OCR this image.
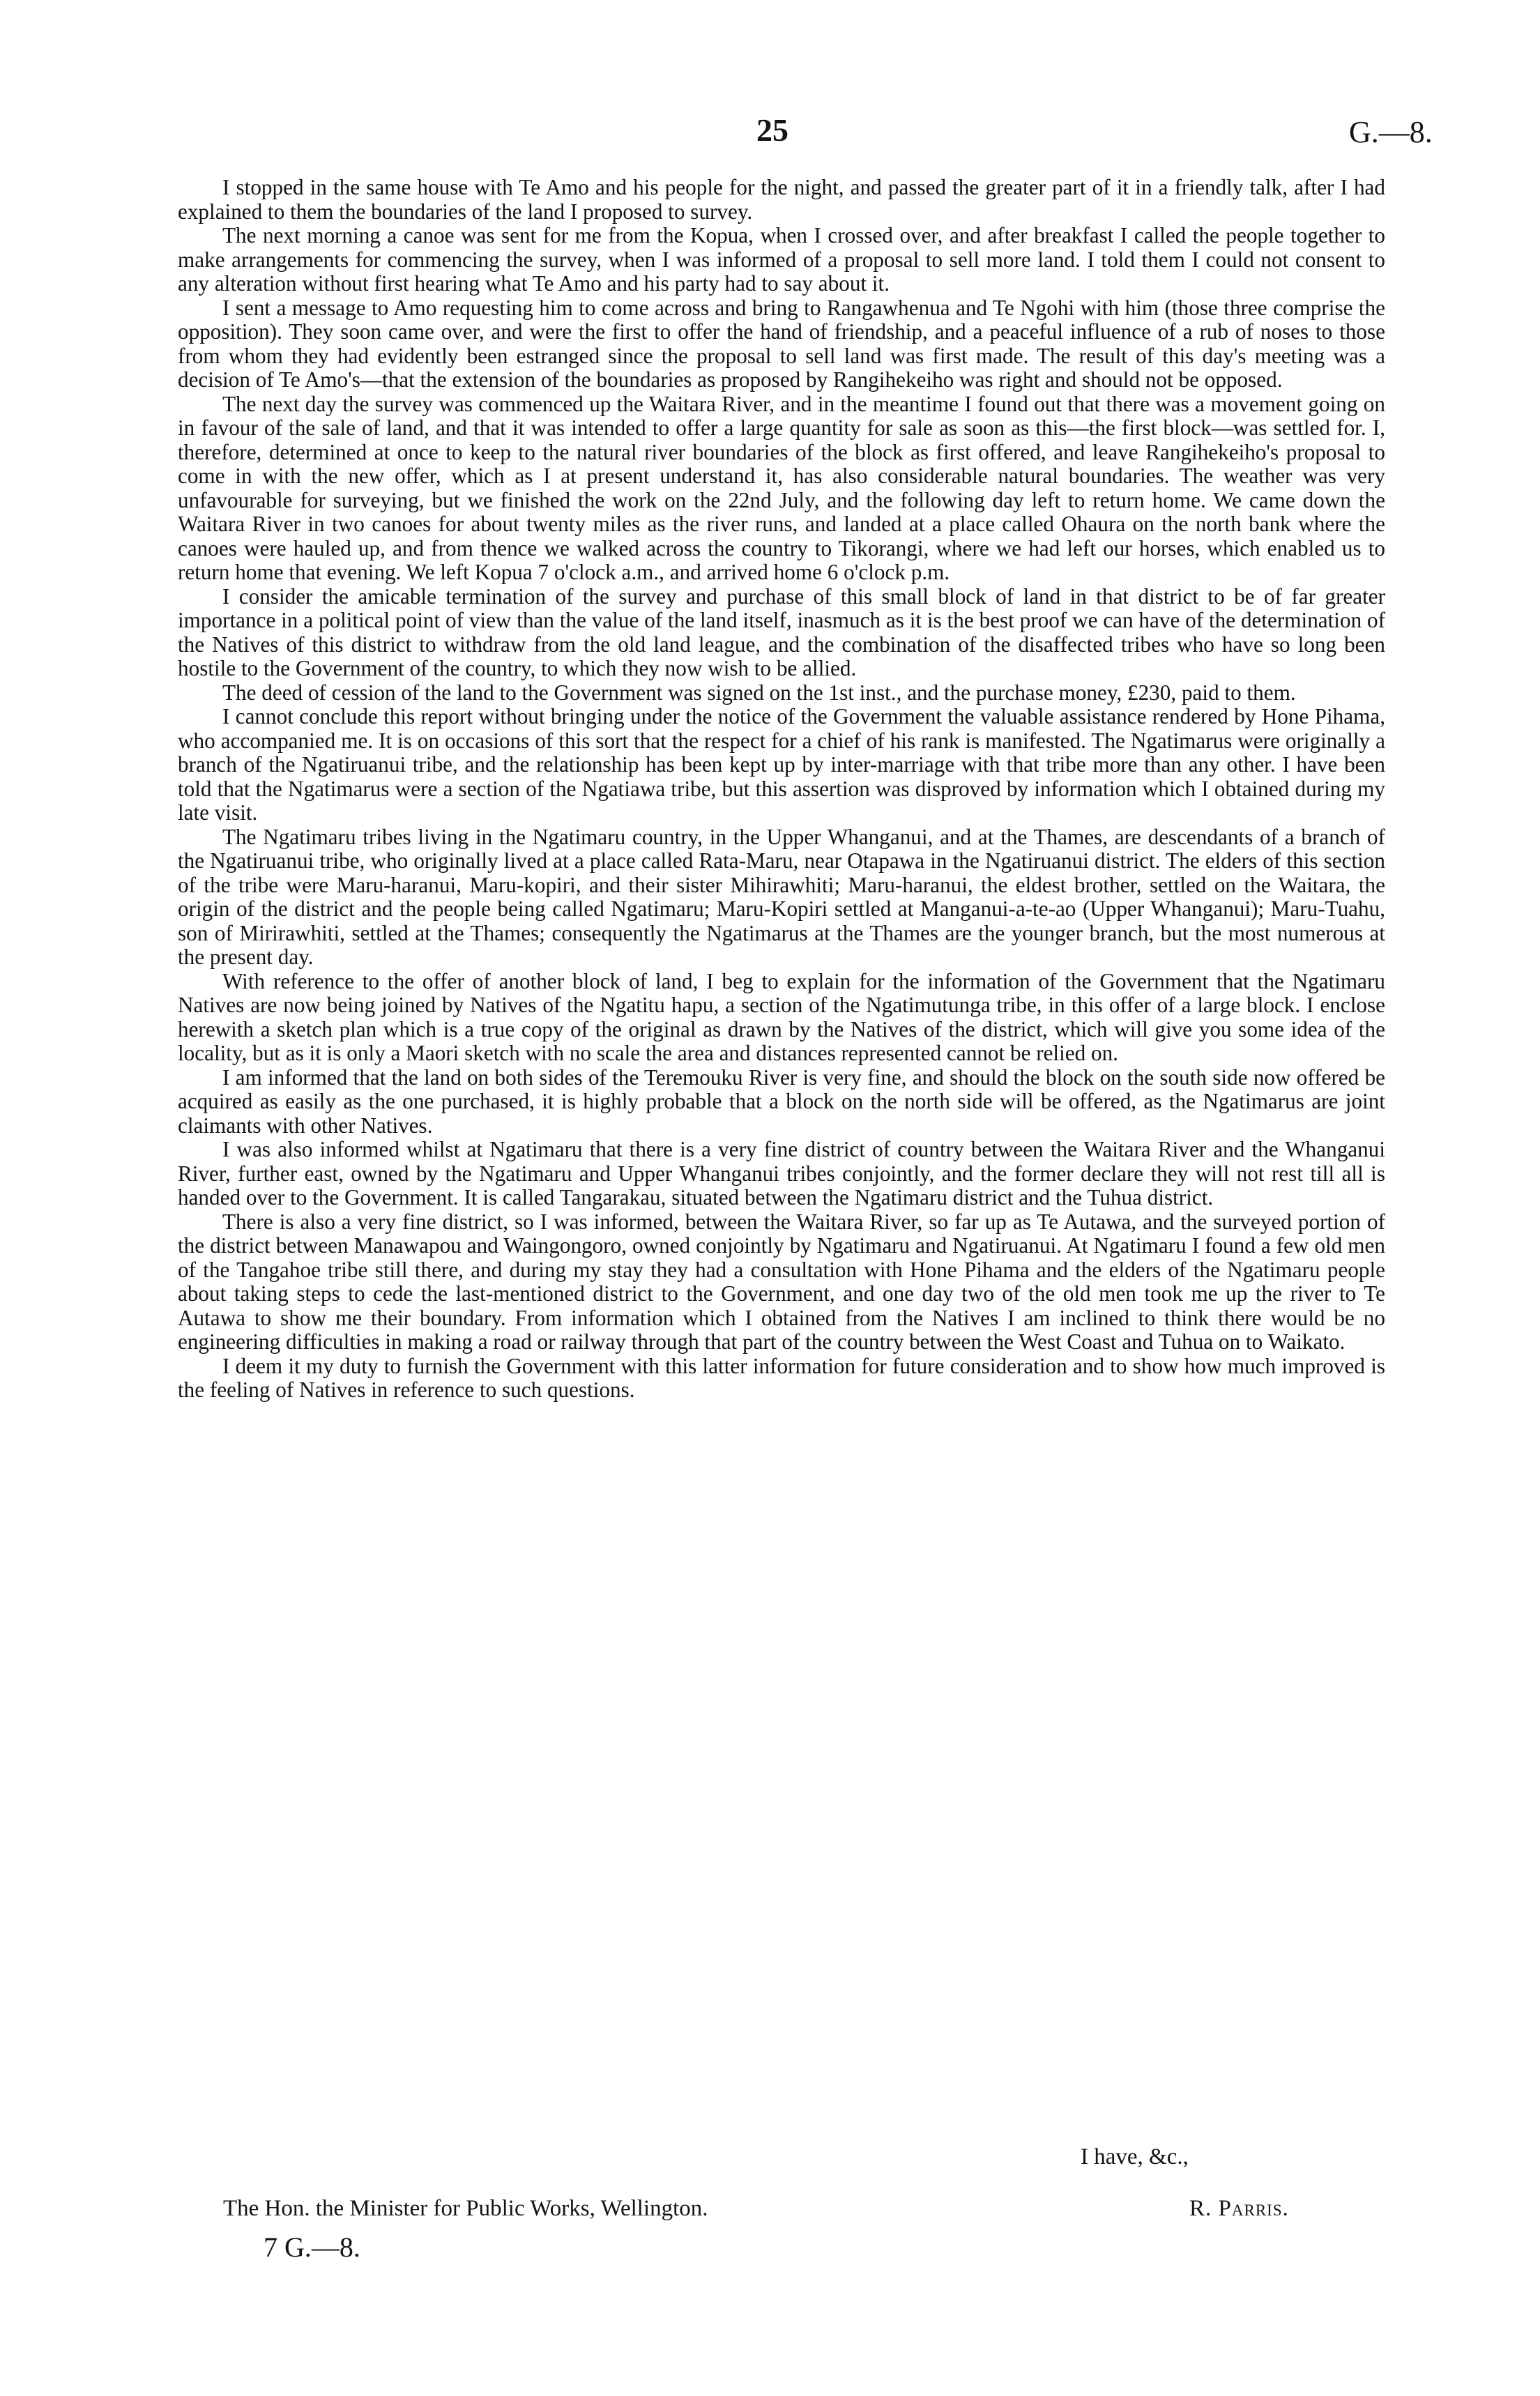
25	G.—8.

I stopped in the same house with Te Amo and his people for the night, and passed the greater part of it in a friendly talk, after I had explained to them the boundaries of the land I proposed to survey.

The next morning a canoe was sent for me from the Kopua, when I crossed over, and after breakfast I called the people together to make arrangements for commencing the survey, when I was informed of a proposal to sell more land. I told them I could not consent to any alteration without first hearing what Te Amo and his party had to say about it.

I sent a message to Amo requesting him to come across and bring to Rangawhenua and Te Ngohi with him (those three comprise the opposition). They soon came over, and were the first to offer the hand of friendship, and a peaceful influence of a rub of noses to those from whom they had evidently been estranged since the proposal to sell land was first made. The result of this day's meeting was a decision of Te Amo's—that the extension of the boundaries as proposed by Rangihekeiho was right and should not be opposed.

The next day the survey was commenced up the Waitara River, and in the meantime I found out that there was a movement going on in favour of the sale of land, and that it was intended to offer a large quantity for sale as soon as this—the first block—was settled for. I, therefore, determined at once to keep to the natural river boundaries of the block as first offered, and leave Rangihekeiho's proposal to come in with the new offer, which as I at present understand it, has also considerable natural boundaries. The weather was very unfavourable for surveying, but we finished the work on the 22nd July, and the following day left to return home. We came down the Waitara River in two canoes for about twenty miles as the river runs, and landed at a place called Ohaura on the north bank where the canoes were hauled up, and from thence we walked across the country to Tikorangi, where we had left our horses, which enabled us to return home that evening. We left Kopua 7 o'clock a.m., and arrived home 6 o'clock p.m.

I consider the amicable termination of the survey and purchase of this small block of land in that district to be of far greater importance in a political point of view than the value of the land itself, inasmuch as it is the best proof we can have of the determination of the Natives of this district to withdraw from the old land league, and the combination of the disaffected tribes who have so long been hostile to the Government of the country, to which they now wish to be allied.

The deed of cession of the land to the Government was signed on the 1st inst., and the purchase money, £230, paid to them.

I cannot conclude this report without bringing under the notice of the Government the valuable assistance rendered by Hone Pihama, who accompanied me. It is on occasions of this sort that the respect for a chief of his rank is manifested. The Ngatimarus were originally a branch of the Ngatiruanui tribe, and the relationship has been kept up by inter-marriage with that tribe more than any other. I have been told that the Ngatimarus were a section of the Ngatiawa tribe, but this assertion was disproved by information which I obtained during my late visit.

The Ngatimaru tribes living in the Ngatimaru country, in the Upper Whanganui, and at the Thames, are descendants of a branch of the Ngatiruanui tribe, who originally lived at a place called Rata-Maru, near Otapawa in the Ngatiruanui district. The elders of this section of the tribe were Maru-haranui, Maru-kopiri, and their sister Mihirawhiti; Maru-haranui, the eldest brother, settled on the Waitara, the origin of the district and the people being called Ngatimaru; Maru-Kopiri settled at Manganui-a-te-ao (Upper Whanganui); Maru-Tuahu, son of Mirirawhiti, settled at the Thames; consequently the Ngatimarus at the Thames are the younger branch, but the most numerous at the present day.

With reference to the offer of another block of land, I beg to explain for the information of the Government that the Ngatimaru Natives are now being joined by Natives of the Ngatitu hapu, a section of the Ngatimutunga tribe, in this offer of a large block. I enclose herewith a sketch plan which is a true copy of the original as drawn by the Natives of the district, which will give you some idea of the locality, but as it is only a Maori sketch with no scale the area and distances represented cannot be relied on.

I am informed that the land on both sides of the Teremouku River is very fine, and should the block on the south side now offered be acquired as easily as the one purchased, it is highly probable that a block on the north side will be offered, as the Ngatimarus are joint claimants with other Natives.

I was also informed whilst at Ngatimaru that there is a very fine district of country between the Waitara River and the Whanganui River, further east, owned by the Ngatimaru and Upper Whanganui tribes conjointly, and the former declare they will not rest till all is handed over to the Government. It is called Tangarakau, situated between the Ngatimaru district and the Tuhua district.

There is also a very fine district, so I was informed, between the Waitara River, so far up as Te Autawa, and the surveyed portion of the district between Manawapou and Waingongoro, owned conjointly by Ngatimaru and Ngatiruanui. At Ngatimaru I found a few old men of the Tangahoe tribe still there, and during my stay they had a consultation with Hone Pihama and the elders of the Ngatimaru people about taking steps to cede the last-mentioned district to the Government, and one day two of the old men took me up the river to Te Autawa to show me their boundary. From information which I obtained from the Natives I am inclined to think there would be no engineering difficulties in making a road or railway through that part of the country between the West Coast and Tuhua on to Waikato.

I deem it my duty to furnish the Government with this latter information for future consideration and to show how much improved is the feeling of Natives in reference to such questions.

I have, &c.,
The Hon. the Minister for Public Works, Wellington.	R. Parris.
7 G.—8.
